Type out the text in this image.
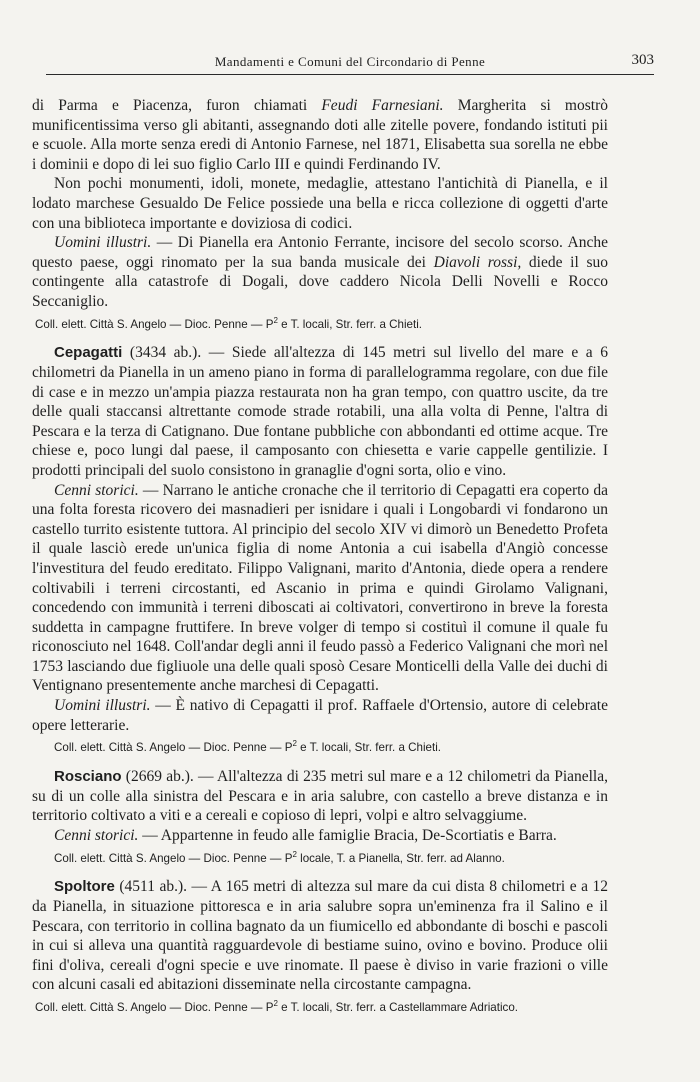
Mandamenti e Comuni del Circondario di Penne	303

di Parma e Piacenza, furon chiamati Feudi Farnesiani. Margherita si mostrò munificentissima verso gli abitanti, assegnando doti alle zitelle povere, fondando istituti pii e scuole. Alla morte senza eredi di Antonio Farnese, nel 1871, Elisabetta sua sorella ne ebbe i dominii e dopo di lei suo figlio Carlo III e quindi Ferdinando IV.

Non pochi monumenti, idoli, monete, medaglie, attestano l'antichità di Pianella, e il lodato marchese Gesualdo De Felice possiede una bella e ricca collezione di oggetti d'arte con una biblioteca importante e doviziosa di codici.

Uomini illustri. — Di Pianella era Antonio Ferrante, incisore del secolo scorso. Anche questo paese, oggi rinomato per la sua banda musicale dei Diavoli rossi, diede il suo contingente alla catastrofe di Dogali, dove caddero Nicola Delli Novelli e Rocco Seccaniglio.

Coll. elett. Città S. Angelo — Dioc. Penne — $P^2$ e T. locali, Str. ferr. a Chieti.

Cepagatti (3434 ab.). — Siede all'altezza di 145 metri sul livello del mare e a 6 chilometri da Pianella in un ameno piano in forma di parallelogramma regolare, con due file di case e in mezzo un'ampia piazza restaurata non ha gran tempo, con quattro uscite, da tre delle quali staccansi altrettante comode strade rotabili, una alla volta di Penne, l'altra di Pescara e la terza di Catignano. Due fontane pubbliche con abbondanti ed ottime acque. Tre chiese e, poco lungi dal paese, il camposanto con chiesetta e varie cappelle gentilizie. I prodotti principali del suolo consistono in granaglie d'ogni sorta, olio e vino.

Cenni storici. — Narrano le antiche cronache che il territorio di Cepagatti era coperto da una folta foresta ricovero dei masnadieri per isnidare i quali i Longobardi vi fondarono un castello turrito esistente tuttora. Al principio del secolo XIV vi dimorò un Benedetto Profeta il quale lasciò erede un'unica figlia di nome Antonia a cui isabella d'Angiò concesse l'investitura del feudo ereditato. Filippo Valignani, marito d'Antonia, diede opera a rendere coltivabili i terreni circostanti, ed Ascanio in prima e quindi Girolamo Valignani, concedendo con immunità i terreni diboscati ai coltivatori, convertirono in breve la foresta suddetta in campagne fruttifere. In breve volger di tempo si costituì il comune il quale fu riconosciuto nel 1648. Coll'andar degli anni il feudo passò a Federico Valignani che morì nel 1753 lasciando due figliuole una delle quali sposò Cesare Monticelli della Valle dei duchi di Ventignano presentemente anche marchesi di Cepagatti.

Uomini illustri. — È nativo di Cepagatti il prof. Raffaele d'Ortensio, autore di celebrate opere letterarie.

Coll. elett. Città S. Angelo — Dioc. Penne — $P^2$ e T. locali, Str. ferr. a Chieti.

Rosciano (2669 ab.). — All'altezza di 235 metri sul mare e a 12 chilometri da Pianella, su di un colle alla sinistra del Pescara e in aria salubre, con castello a breve distanza e in territorio coltivato a viti e a cereali e copioso di lepri, volpi e altro selvaggiume.

Cenni storici. — Appartenne in feudo alle famiglie Bracia, De-Scortiatis e Barra.

Coll. elett. Città S. Angelo — Dioc. Penne — $P^2$ locale, T. a Pianella, Str. ferr. ad Alanno.

Spoltore (4511 ab.). — A 165 metri di altezza sul mare da cui dista 8 chilometri e a 12 da Pianella, in situazione pittoresca e in aria salubre sopra un'eminenza fra il Salino e il Pescara, con territorio in collina bagnato da un fiumicello ed abbondante di boschi e pascoli in cui si alleva una quantità ragguardevole di bestiame suino, ovino e bovino. Produce olii fini d'oliva, cereali d'ogni specie e uve rinomate. Il paese è diviso in varie frazioni o ville con alcuni casali ed abitazioni disseminate nella circostante campagna.

Coll. elett. Città S. Angelo — Dioc. Penne — $P^2$ e T. locali, Str. ferr. a Castellammare Adriatico.
